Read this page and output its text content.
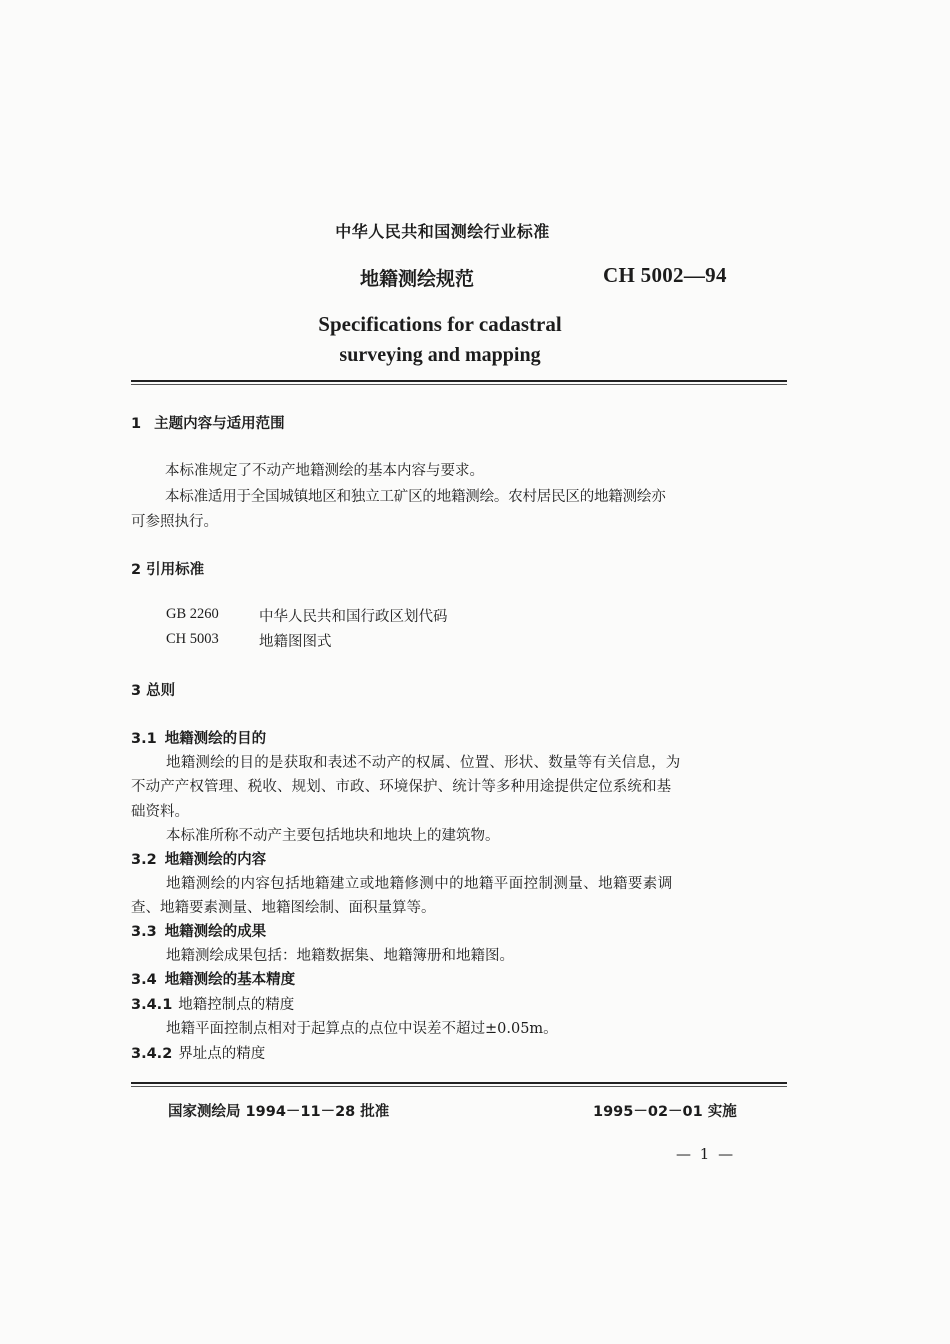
中华人民共和国测绘行业标准
地籍测绘规范	CH 5002—94
Specifications for cadastral
surveying and mapping
1 主题内容与适用范围
本标准规定了不动产地籍测绘的基本内容与要求。
本标准适用于全国城镇地区和独立工矿区的地籍测绘。农村居民区的地籍测绘亦
可参照执行。
2 引用标准
GB 2260	中华人民共和国行政区划代码
CH 5003	地籍图图式
3 总则
3.1 地籍测绘的目的
地籍测绘的目的是获取和表述不动产的权属、位置、形状、数量等有关信息，为
不动产产权管理、税收、规划、市政、环境保护、统计等多种用途提供定位系统和基
础资料。
本标准所称不动产主要包括地块和地块上的建筑物。
3.2 地籍测绘的内容
地籍测绘的内容包括地籍建立或地籍修测中的地籍平面控制测量、地籍要素调
查、地籍要素测量、地籍图绘制、面积量算等。
3.3 地籍测绘的成果
地籍测绘成果包括：地籍数据集、地籍簿册和地籍图。
3.4 地籍测绘的基本精度
3.4.1 地籍控制点的精度
地籍平面控制点相对于起算点的点位中误差不超过±0.05m。
3.4.2 界址点的精度
国家测绘局 1994－11－28 批准	1995－02－01 实施
— 1 —
